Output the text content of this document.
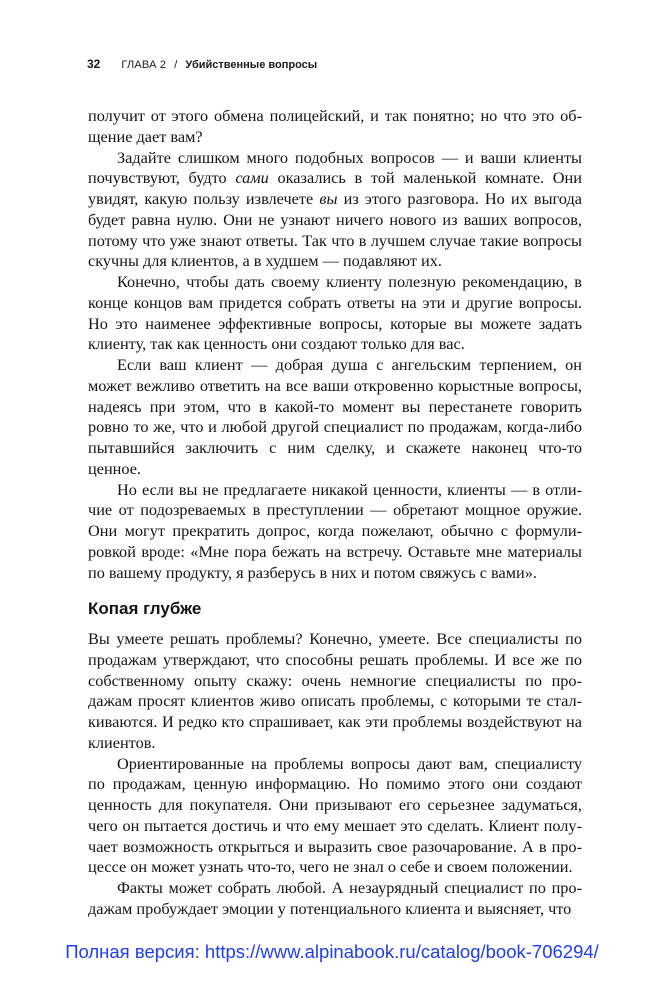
32 ГЛАВА 2 / Убийственные вопросы

получит от этого обмена полицейский, и так понятно; но что это общение дает вам?

Задайте слишком много подобных вопросов — и ваши клиенты почувствуют, будто сами оказались в той маленькой комнате. Они увидят, какую пользу извлечете вы из этого разговора. Но их выгода будет равна нулю. Они не узнают ничего нового из ваших вопросов, потому что уже знают ответы. Так что в лучшем случае такие вопросы скучны для клиентов, а в худшем — подавляют их.

Конечно, чтобы дать своему клиенту полезную рекомендацию, в конце концов вам придется собрать ответы на эти и другие вопросы. Но это наименее эффективные вопросы, которые вы можете задать клиенту, так как ценность они создают только для вас.

Если ваш клиент — добрая душа с ангельским терпением, он может вежливо ответить на все ваши откровенно корыстные вопросы, надеясь при этом, что в какой-то момент вы перестанете говорить ровно то же, что и любой другой специалист по продажам, когда-либо пытавшийся заключить с ним сделку, и скажете наконец что-то ценное.

Но если вы не предлагаете никакой ценности, клиенты — в отличие от подозреваемых в преступлении — обретают мощное оружие. Они могут прекратить допрос, когда пожелают, обычно с формулировкой вроде: «Мне пора бежать на встречу. Оставьте мне материалы по вашему продукту, я разберусь в них и потом свяжусь с вами».

Копая глубже

Вы умеете решать проблемы? Конечно, умеете. Все специалисты по продажам утверждают, что способны решать проблемы. И все же по собственному опыту скажу: очень немногие специалисты по продажам просят клиентов живо описать проблемы, с которыми те сталкиваются. И редко кто спрашивает, как эти проблемы воздействуют на клиентов.

Ориентированные на проблемы вопросы дают вам, специалисту по продажам, ценную информацию. Но помимо этого они создают ценность для покупателя. Они призывают его серьезнее задуматься, чего он пытается достичь и что ему мешает это сделать. Клиент получает возможность открыться и выразить свое разочарование. А в процессе он может узнать что-то, чего не знал о себе и своем положении.

Факты может собрать любой. А незаурядный специалист по продажам пробуждает эмоции у потенциального клиента и выясняет, что

Полная версия: https://www.alpinabook.ru/catalog/book-706294/
